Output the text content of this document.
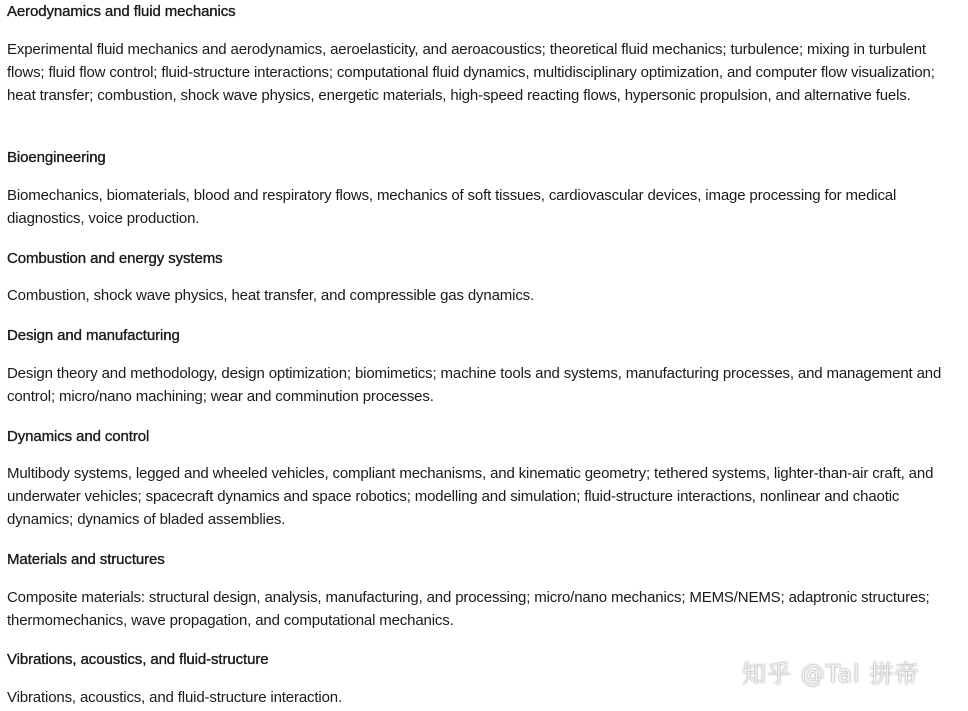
Aerodynamics and fluid mechanics
Experimental fluid mechanics and aerodynamics, aeroelasticity, and aeroacoustics; theoretical fluid mechanics; turbulence; mixing in turbulent flows; fluid flow control; fluid-structure interactions; computational fluid dynamics, multidisciplinary optimization, and computer flow visualization; heat transfer; combustion, shock wave physics, energetic materials, high-speed reacting flows, hypersonic propulsion, and alternative fuels.
Bioengineering
Biomechanics, biomaterials, blood and respiratory flows, mechanics of soft tissues, cardiovascular devices, image processing for medical diagnostics, voice production.
Combustion and energy systems
Combustion, shock wave physics, heat transfer, and compressible gas dynamics.
Design and manufacturing
Design theory and methodology, design optimization; biomimetics; machine tools and systems, manufacturing processes, and management and control; micro/nano machining; wear and comminution processes.
Dynamics and control
Multibody systems, legged and wheeled vehicles, compliant mechanisms, and kinematic geometry; tethered systems, lighter-than-air craft, and underwater vehicles; spacecraft dynamics and space robotics; modelling and simulation; fluid-structure interactions, nonlinear and chaotic dynamics; dynamics of bladed assemblies.
Materials and structures
Composite materials: structural design, analysis, manufacturing, and processing; micro/nano mechanics; MEMS/NEMS; adaptronic structures; thermomechanics, wave propagation, and computational mechanics.
Vibrations, acoustics, and fluid-structure
Vibrations, acoustics, and fluid-structure interaction.
知乎 @Tal 拼帝
